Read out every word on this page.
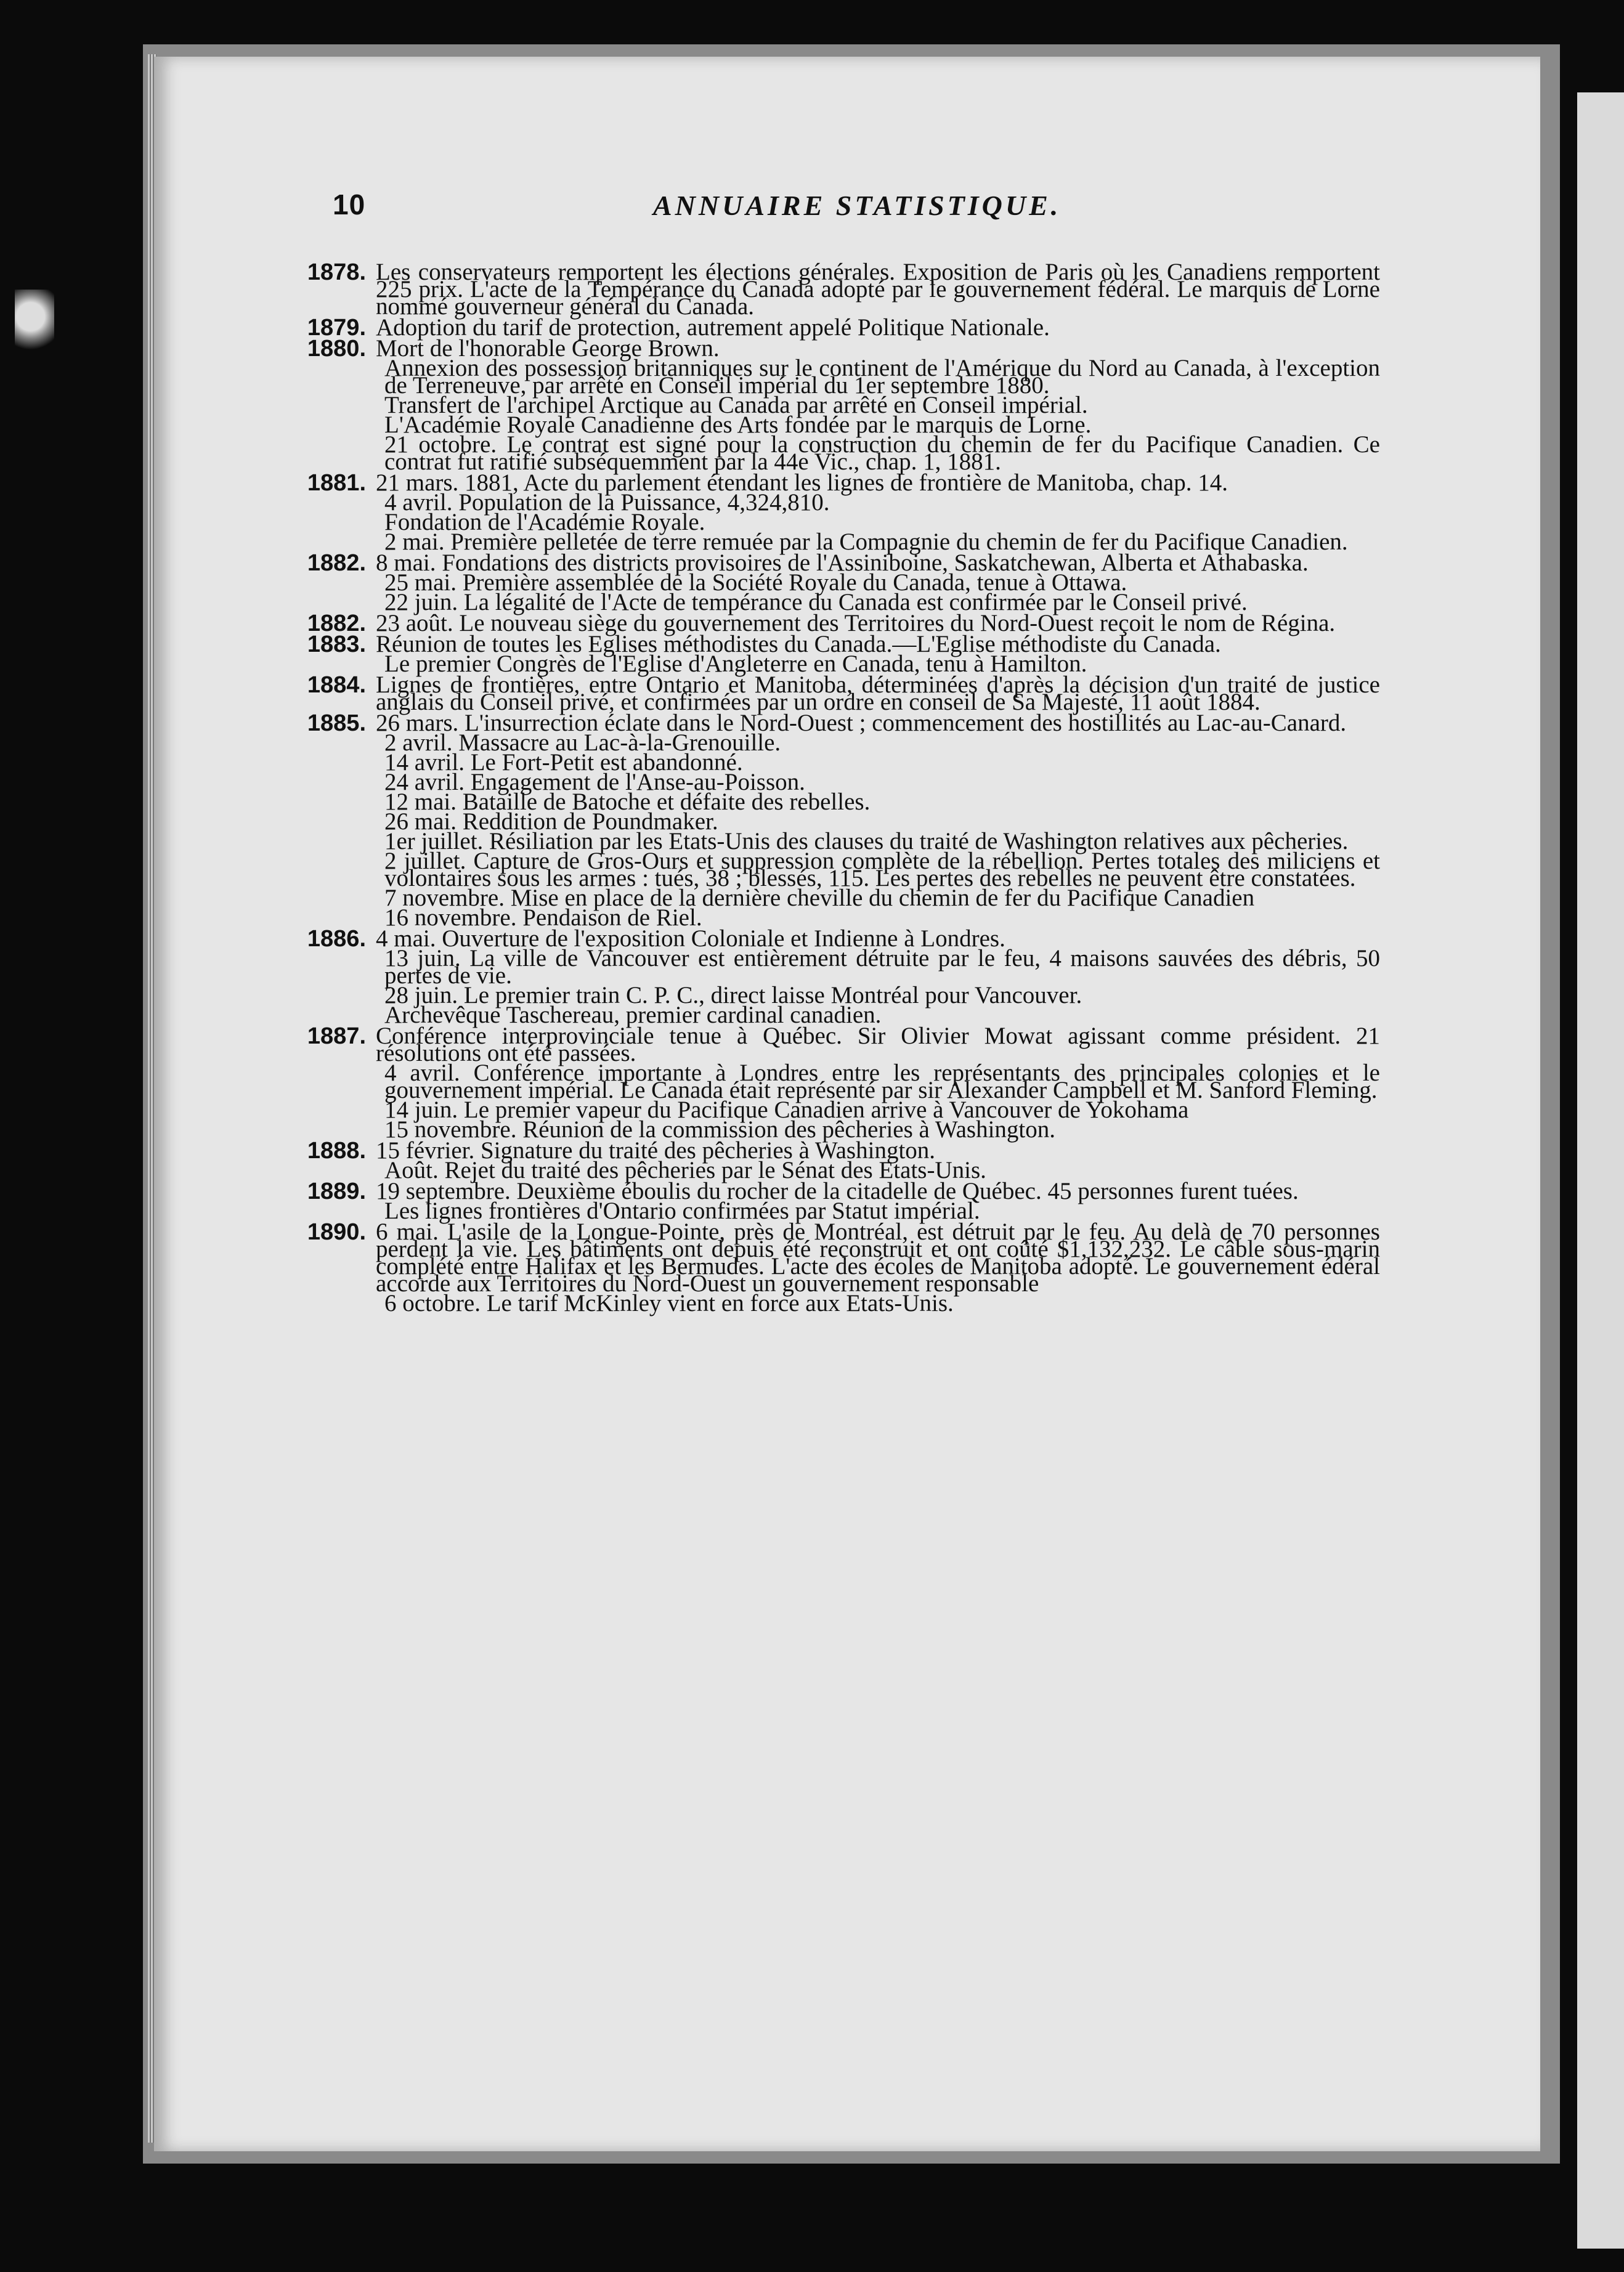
10	ANNUAIRE STATISTIQUE.
1878. Les conservateurs remportent les élections générales. Exposition de Paris où les Canadiens remportent 225 prix. L'acte de la Tempérance du Canada adopté par le gouvernement fédéral. Le marquis de Lorne nommé gouverneur général du Canada.
1879. Adoption du tarif de protection, autrement appelé Politique Nationale.
1880. Mort de l'honorable George Brown.
Annexion des possession britanniques sur le continent de l'Amérique du Nord au Canada, à l'exception de Terreneuve, par arrêté en Conseil impérial du 1er septembre 1880.
Transfert de l'archipel Arctique au Canada par arrêté en Conseil impérial.
L'Académie Royale Canadienne des Arts fondée par le marquis de Lorne.
21 octobre. Le contrat est signé pour la construction du chemin de fer du Pacifique Canadien. Ce contrat fut ratifié subséquemment par la 44e Vic., chap. 1, 1881.
1881. 21 mars. 1881, Acte du parlement étendant les lignes de frontière de Manitoba, chap. 14.
4 avril. Population de la Puissance, 4,324,810.
Fondation de l'Académie Royale.
2 mai. Première pelletée de terre remuée par la Compagnie du chemin de fer du Pacifique Canadien.
1882. 8 mai. Fondations des districts provisoires de l'Assiniboine, Saskatchewan, Alberta et Athabaska.
25 mai. Première assemblée de la Société Royale du Canada, tenue à Ottawa.
22 juin. La légalité de l'Acte de tempérance du Canada est confirmée par le Conseil privé.
1882. 23 août. Le nouveau siège du gouvernement des Territoires du Nord-Ouest reçoit le nom de Régina.
1883. Réunion de toutes les Eglises méthodistes du Canada.—L'Eglise méthodiste du Canada.
Le premier Congrès de l'Eglise d'Angleterre en Canada, tenu à Hamilton.
1884. Lignes de frontières, entre Ontario et Manitoba, déterminées d'après la décision d'un traité de justice anglais du Conseil privé, et confirmées par un ordre en conseil de Sa Majesté, 11 août 1884.
1885. 26 mars. L'insurrection éclate dans le Nord-Ouest ; commencement des hostillités au Lac-au-Canard.
2 avril. Massacre au Lac-à-la-Grenouille.
14 avril. Le Fort-Petit est abandonné.
24 avril. Engagement de l'Anse-au-Poisson.
12 mai. Bataille de Batoche et défaite des rebelles.
26 mai. Reddition de Poundmaker.
1er juillet. Résiliation par les Etats-Unis des clauses du traité de Washington relatives aux pêcheries.
2 juillet. Capture de Gros-Ours et suppression complète de la rébellion. Pertes totales des miliciens et volontaires sous les armes : tués, 38 ; blessés, 115. Les pertes des rebelles ne peuvent être constatées.
7 novembre. Mise en place de la dernière cheville du chemin de fer du Pacifique Canadien
16 novembre. Pendaison de Riel.
1886. 4 mai. Ouverture de l'exposition Coloniale et Indienne à Londres.
13 juin. La ville de Vancouver est entièrement détruite par le feu, 4 maisons sauvées des débris, 50 pertes de vie.
28 juin. Le premier train C. P. C., direct laisse Montréal pour Vancouver.
Archevêque Taschereau, premier cardinal canadien.
1887. Conférence interprovinciale tenue à Québec. Sir Olivier Mowat agissant comme président. 21 résolutions ont été passées.
4 avril. Conférence importante à Londres entre les représentants des principales colonies et le gouvernement impérial. Le Canada était représenté par sir Alexander Campbell et M. Sanford Fleming.
14 juin. Le premier vapeur du Pacifique Canadien arrive à Vancouver de Yokohama
15 novembre. Réunion de la commission des pêcheries à Washington.
1888. 15 février. Signature du traité des pêcheries à Washington.
Août. Rejet du traité des pêcheries par le Sénat des Etats-Unis.
1889. 19 septembre. Deuxième éboulis du rocher de la citadelle de Québec. 45 personnes furent tuées.
Les lignes frontières d'Ontario confirmées par Statut impérial.
1890. 6 mai. L'asile de la Longue-Pointe, près de Montréal, est détruit par le feu. Au delà de 70 personnes perdent la vie. Les bâtiments ont depuis été reconstruit et ont coûté $1,132,232. Le câble sous-marin complété entre Halifax et les Bermudes. L'acte des écoles de Manitoba adopté. Le gouvernement édéral accorde aux Territoires du Nord-Ouest un gouvernement responsable
6 octobre. Le tarif McKinley vient en force aux Etats-Unis.
